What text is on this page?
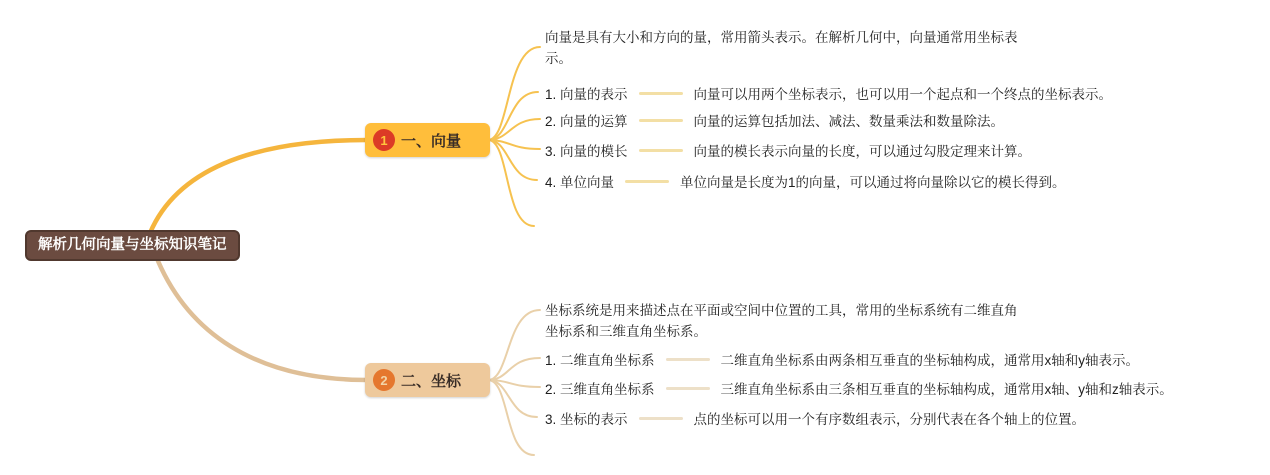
解析几何向量与坐标知识笔记
1 一、向量
2 二、坐标
向量是具有大小和方向的量，常用箭头表示。在解析几何中，向量通常用坐标表示。
1. 向量的表示	向量可以用两个坐标表示，也可以用一个起点和一个终点的坐标表示。
2. 向量的运算	向量的运算包括加法、减法、数量乘法和数量除法。
3. 向量的模长	向量的模长表示向量的长度，可以通过勾股定理来计算。
4. 单位向量	单位向量是长度为1的向量，可以通过将向量除以它的模长得到。
坐标系统是用来描述点在平面或空间中位置的工具，常用的坐标系统有二维直角坐标系和三维直角坐标系。
1. 二维直角坐标系	二维直角坐标系由两条相互垂直的坐标轴构成，通常用x轴和y轴表示。
2. 三维直角坐标系	三维直角坐标系由三条相互垂直的坐标轴构成，通常用x轴、y轴和z轴表示。
3. 坐标的表示	点的坐标可以用一个有序数组表示，分别代表在各个轴上的位置。
